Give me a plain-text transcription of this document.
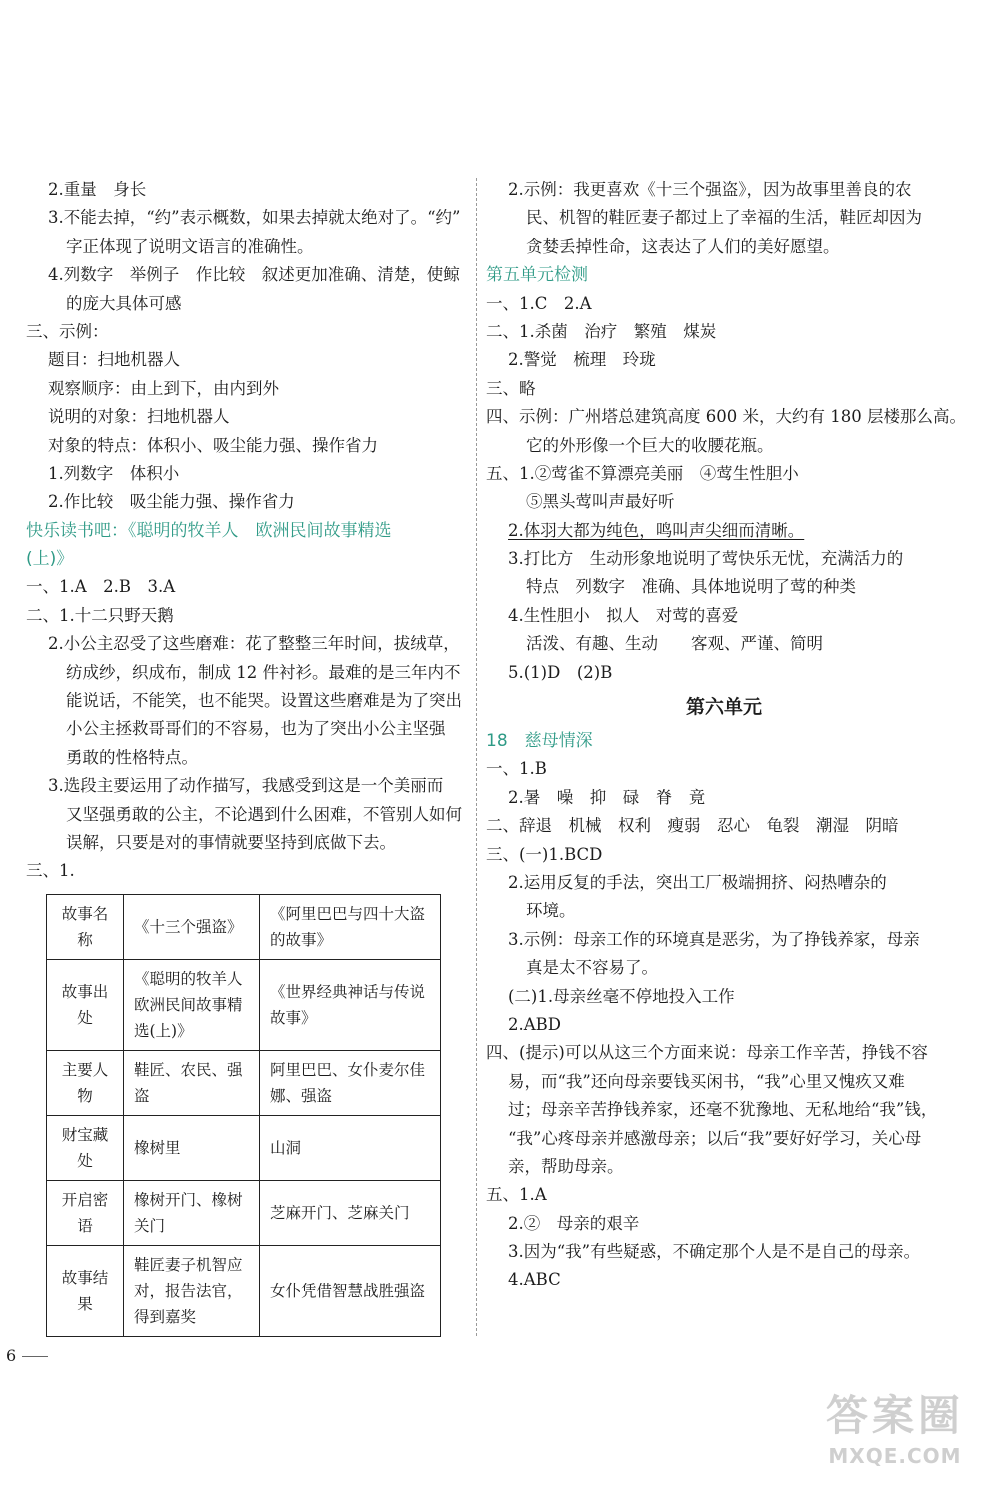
2.重量　身长
3.不能去掉，“约”表示概数，如果去掉就太绝对了。“约”
字正体现了说明文语言的准确性。
4.列数字　举例子　作比较　叙述更加准确、清楚，使鲸
的庞大具体可感
三、示例：
题目：扫地机器人
观察顺序：由上到下，由内到外
说明的对象：扫地机器人
对象的特点：体积小、吸尘能力强、操作省力
1.列数字　体积小
2.作比较　吸尘能力强、操作省力
快乐读书吧：《聪明的牧羊人　欧洲民间故事精选
(上)》
一、1.A　2.B　3.A
二、1.十二只野天鹅
2.小公主忍受了这些磨难：花了整整三年时间，拔绒草，
纺成纱，织成布，制成 12 件衬衫。最难的是三年内不
能说话，不能笑，也不能哭。设置这些磨难是为了突出
小公主拯救哥哥们的不容易，也为了突出小公主坚强
勇敢的性格特点。
3.选段主要运用了动作描写，我感受到这是一个美丽而
又坚强勇敢的公主，不论遇到什么困难，不管别人如何
误解，只要是对的事情就要坚持到底做下去。
三、1.
故事名称	《十三个强盗》	《阿里巴巴与四十大盗的故事》
故事出处	《聪明的牧羊人欧洲民间故事精选(上)》	《世界经典神话与传说故事》
主要人物	鞋匠、农民、强盗	阿里巴巴、女仆麦尔佳娜、强盗
财宝藏处	橡树里	山洞
开启密语	橡树开门、橡树关门	芝麻开门、芝麻关门
故事结果	鞋匠妻子机智应对，报告法官，得到嘉奖	女仆凭借智慧战胜强盗
2.示例：我更喜欢《十三个强盗》，因为故事里善良的农
民、机智的鞋匠妻子都过上了幸福的生活，鞋匠却因为
贪婪丢掉性命，这表达了人们的美好愿望。
第五单元检测
一、1.C　2.A
二、1.杀菌　治疗　繁殖　煤炭
2.警觉　梳理　玲珑
三、略
四、示例：广州塔总建筑高度 600 米，大约有 180 层楼那么高。
它的外形像一个巨大的收腰花瓶。
五、1.②莺雀不算漂亮美丽　④莺生性胆小
⑤黑头莺叫声最好听
2.体羽大都为纯色，鸣叫声尖细而清晰。
3.打比方　生动形象地说明了莺快乐无忧，充满活力的
特点　列数字　准确、具体地说明了莺的种类
4.生性胆小　拟人　对莺的喜爱
活泼、有趣、生动　　客观、严谨、简明
5.(1)D　(2)B
第六单元
18　慈母情深
一、1.B
2.暑　噪　抑　碌　脊　竟
二、辞退　机械　权利　瘦弱　忍心　龟裂　潮湿　阴暗
三、(一)1.BCD
2.运用反复的手法，突出工厂极端拥挤、闷热嘈杂的
环境。
3.示例：母亲工作的环境真是恶劣，为了挣钱养家，母亲
真是太不容易了。
(二)1.母亲丝毫不停地投入工作
2.ABD
四、(提示)可以从这三个方面来说：母亲工作辛苦，挣钱不容
易，而“我”还向母亲要钱买闲书，“我”心里又愧疚又难
过；母亲辛苦挣钱养家，还毫不犹豫地、无私地给“我”钱，
“我”心疼母亲并感激母亲；以后“我”要好好学习，关心母
亲，帮助母亲。
五、1.A
2.②　母亲的艰辛
3.因为“我”有些疑惑，不确定那个人是不是自己的母亲。
4.ABC
6
答案圈
MXQE.COM
